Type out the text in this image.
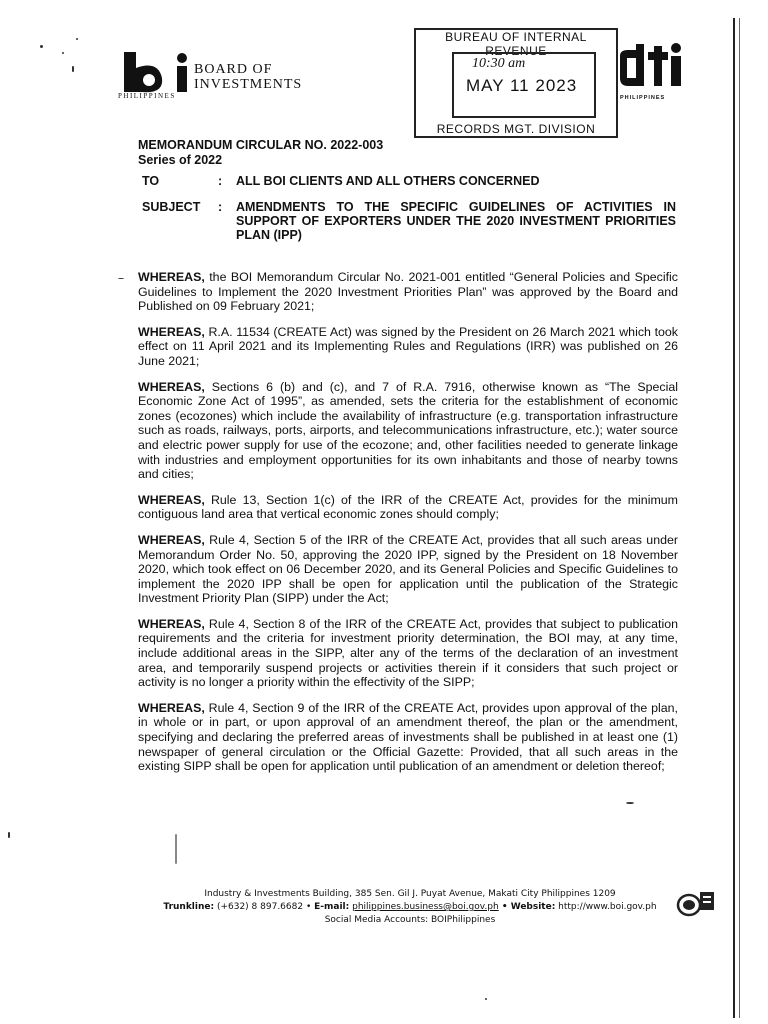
BOARD OF
INVESTMENTS
PHILIPPINES
BUREAU OF INTERNAL REVENUE
10:30 am
MAY 11 2023
RECORDS MGT. DIVISION
PHILIPPINES
MEMORANDUM CIRCULAR NO. 2022-003
Series of 2022
TO	: ALL BOI CLIENTS AND ALL OTHERS CONCERNED
SUBJECT : AMENDMENTS TO THE SPECIFIC GUIDELINES OF ACTIVITIES IN SUPPORT OF EXPORTERS UNDER THE 2020 INVESTMENT PRIORITIES PLAN (IPP)

WHEREAS, the BOI Memorandum Circular No. 2021-001 entitled “General Policies and Specific Guidelines to Implement the 2020 Investment Priorities Plan” was approved by the Board and Published on 09 February 2021;

WHEREAS, R.A. 11534 (CREATE Act) was signed by the President on 26 March 2021 which took effect on 11 April 2021 and its Implementing Rules and Regulations (IRR) was published on 26 June 2021;

WHEREAS, Sections 6 (b) and (c), and 7 of R.A. 7916, otherwise known as “The Special Economic Zone Act of 1995”, as amended, sets the criteria for the establishment of economic zones (ecozones) which include the availability of infrastructure (e.g. transportation infrastructure such as roads, railways, ports, airports, and telecommunications infrastructure, etc.); water source and electric power supply for use of the ecozone; and, other facilities needed to generate linkage with industries and employment opportunities for its own inhabitants and those of nearby towns and cities;

WHEREAS, Rule 13, Section 1(c) of the IRR of the CREATE Act, provides for the minimum contiguous land area that vertical economic zones should comply;

WHEREAS, Rule 4, Section 5 of the IRR of the CREATE Act, provides that all such areas under Memorandum Order No. 50, approving the 2020 IPP, signed by the President on 18 November 2020, which took effect on 06 December 2020, and its General Policies and Specific Guidelines to implement the 2020 IPP shall be open for application until the publication of the Strategic Investment Priority Plan (SIPP) under the Act;

WHEREAS, Rule 4, Section 8 of the IRR of the CREATE Act, provides that subject to publication requirements and the criteria for investment priority determination, the BOI may, at any time, include additional areas in the SIPP, alter any of the terms of the declaration of an investment area, and temporarily suspend projects or activities therein if it considers that such project or activity is no longer a priority within the effectivity of the SIPP;

WHEREAS, Rule 4, Section 9 of the IRR of the CREATE Act, provides upon approval of the plan, in whole or in part, or upon approval of an amendment thereof, the plan or the amendment, specifying and declaring the preferred areas of investments shall be published in at least one (1) newspaper of general circulation or the Official Gazette: Provided, that all such areas in the existing SIPP shall be open for application until publication of an amendment or deletion thereof;

Industry & Investments Building, 385 Sen. Gil J. Puyat Avenue, Makati City Philippines 1209
Trunkline: (+632) 8 897.6682 • E-mail: philippines.business@boi.gov.ph • Website: http://www.boi.gov.ph
Social Media Accounts: BOIPhilippines
